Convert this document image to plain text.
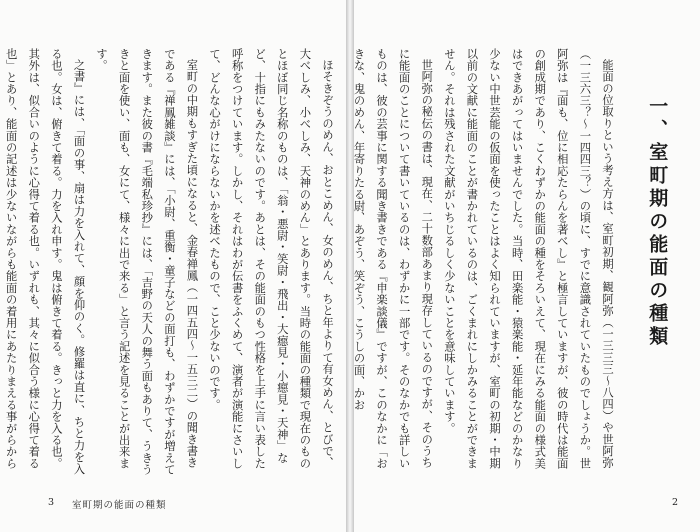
ほそきぞうのめん、おとこめん、女のめん、ちと年よりて有女めん、とびで、大べしみ、小べしみ、天神のめん」とあります。当時の能面の種類で現在のものとほぼ同じ名称のものは、「翁・悪尉・笑尉・飛出・大癋見・小癋見・天神」など、十指にもみたないのです。あとは、その能面のもつ性格を上手に言い表した呼称をつけています。しかし、それはわが伝書をふくめて、演者が演能にさいして、どんな心がけにならないかを述べたもので、こと少ないのです。

室町の中期もすぎた頃になると、金春禅鳳（一四五四～一五三二）の聞き書きである『禅鳳雑談』には、「小尉、重衡・童子などの面打も、わずかですが増えてきます。また彼の書『毛端私珍抄』には、「吉野の天人の舞う面もありて、うきうきと面を使い、面も、女にて、様々に出で来る」と言う記述を見ることが出来ます。

之書』には、「面の事、扇は力を入れて、顔を仰のく。修羅は直に、ちと力を入る也。女は、俯きて着る。力を入れ申す。鬼は俯きて着る。きっと力を入る也。其外は、似合いのように心得て着る也。いずれも、其々に似合う様に心得て着る也」とあり、能面の記述は少ないながらも能面の着用にあたりまえる事がらから

3 室町期の能面の種類
一、室町期の能面の種類

能面の位取りという考え方は、室町初期、観阿弥（一三三三～八四）や世阿弥（一三六三？～一四四三？）の頃に、すでに意識されていたものでしょうか。世阿弥は『面も、位に相応たらんを著べし』と極言していますが、彼の時代は能面の創成期であり、こくわずかの能面の種をそろいえて、現在にみる能面の様式美はできあがってはいませんでした。当時、田楽能・猿楽能・延年能などのかなり少ない中世芸能の仮面を使ったことはよく知られていますが、室町の初期・中期以前の文献に能面のことが書かれているのは、ごくまれにしかみることができません。それは残された文献がいちじるしく少ないことを意味しています。

世阿弥の秘伝の書は、現在、二十数部あまり現存しているのですが、そのうちに能面のことについて書いているのは、わずかに一部です。そのなかでも詳しいものは、彼の芸事に関する聞き書きである『申楽談儀』ですが、このなかに「おきな、鬼のめん、年寄りたる尉、あぞう、笑ぞう、こうしの面、かお

2
